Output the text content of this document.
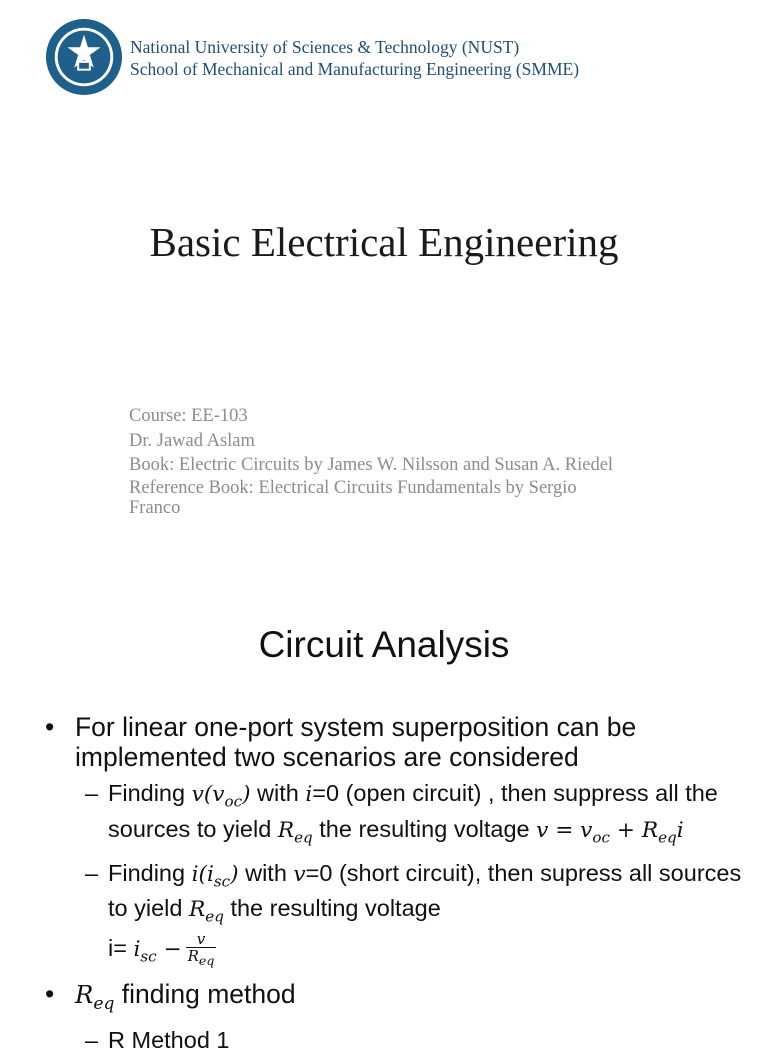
National University of Sciences & Technology (NUST)
School of Mechanical and Manufacturing Engineering (SMME)
Basic Electrical Engineering
Course: EE-103
Dr. Jawad Aslam
Book: Electric Circuits by James W. Nilsson and Susan A. Riedel
Reference Book: Electrical Circuits Fundamentals by Sergio
Franco
Circuit Analysis
• For linear one-port system superposition can be implemented two scenarios are considered
– Finding $v(v_{oc})$ with i=0 (open circuit) , then suppress all the sources to yield $R_{eq}$ the resulting voltage $v = v_{oc} + R_{eq}i$
– Finding $i(i_{sc})$ with v=0 (short circuit), then supress all sources to yield $R_{eq}$ the resulting voltage
$i= i_{sc} - \frac{v}{R_{eq}}$
• $R_{eq}$ finding method
– R Method 1
